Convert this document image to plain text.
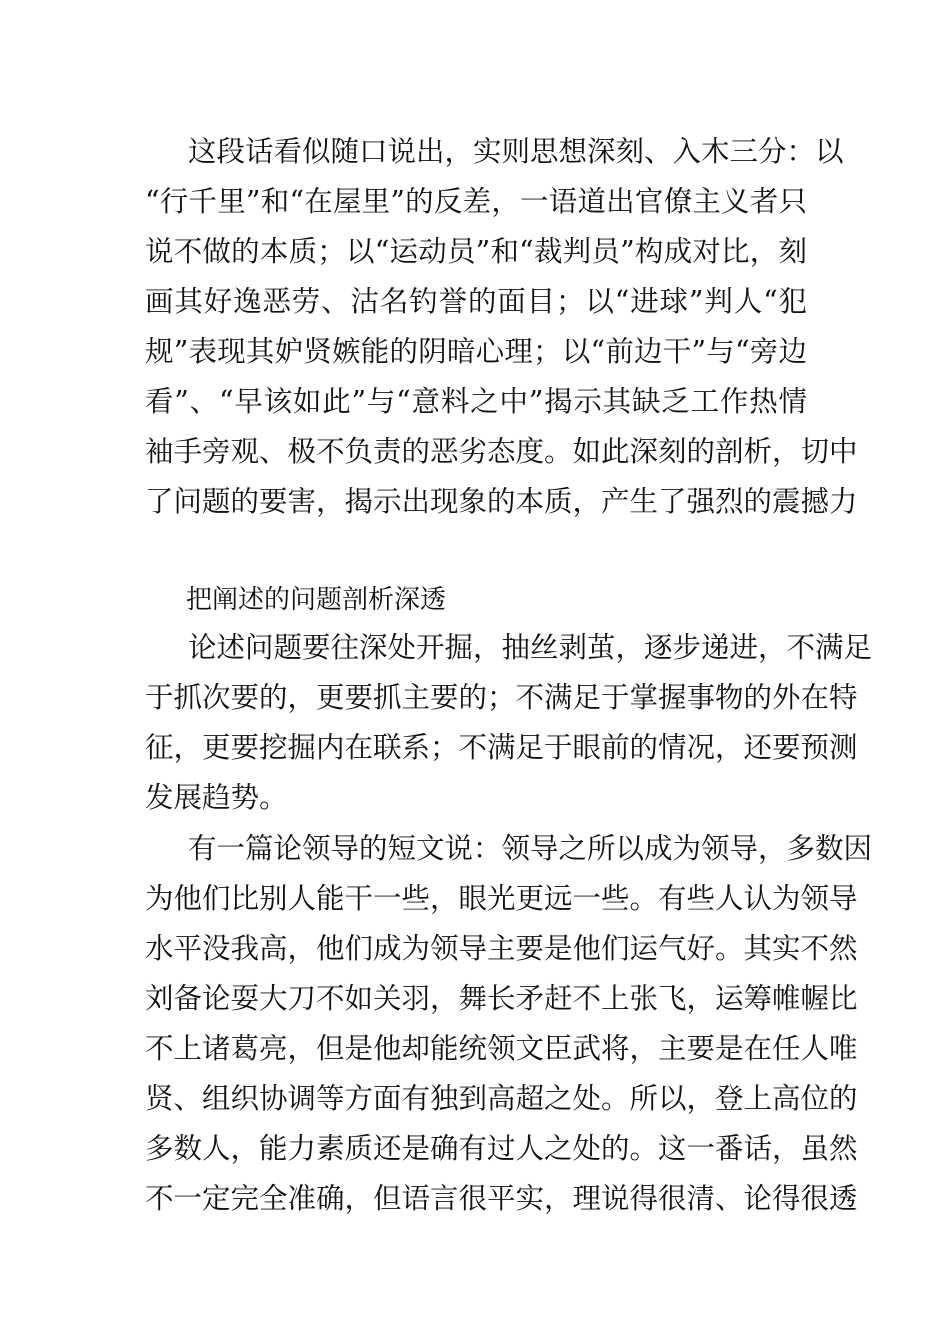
这段话看似随口说出，实则思想深刻、入木三分：以
“行千里”和“在屋里”的反差，一语道出官僚主义者只
说不做的本质；以“运动员”和“裁判员”构成对比，刻
画其好逸恶劳、沽名钓誉的面目；以“进球”判人“犯
规”表现其妒贤嫉能的阴暗心理；以“前边干”与“旁边
看”、“早该如此”与“意料之中”揭示其缺乏工作热情
袖手旁观、极不负责的恶劣态度。如此深刻的剖析，切中
了问题的要害，揭示出现象的本质，产生了强烈的震撼力
把阐述的问题剖析深透
论述问题要往深处开掘，抽丝剥茧，逐步递进，不满足
于抓次要的，更要抓主要的；不满足于掌握事物的外在特
征，更要挖掘内在联系；不满足于眼前的情况，还要预测
发展趋势。
有一篇论领导的短文说：领导之所以成为领导，多数因
为他们比别人能干一些，眼光更远一些。有些人认为领导
水平没我高，他们成为领导主要是他们运气好。其实不然
刘备论耍大刀不如关羽，舞长矛赶不上张飞，运筹帷幄比
不上诸葛亮，但是他却能统领文臣武将，主要是在任人唯
贤、组织协调等方面有独到高超之处。所以，登上高位的
多数人，能力素质还是确有过人之处的。这一番话，虽然
不一定完全准确，但语言很平实，理说得很清、论得很透
